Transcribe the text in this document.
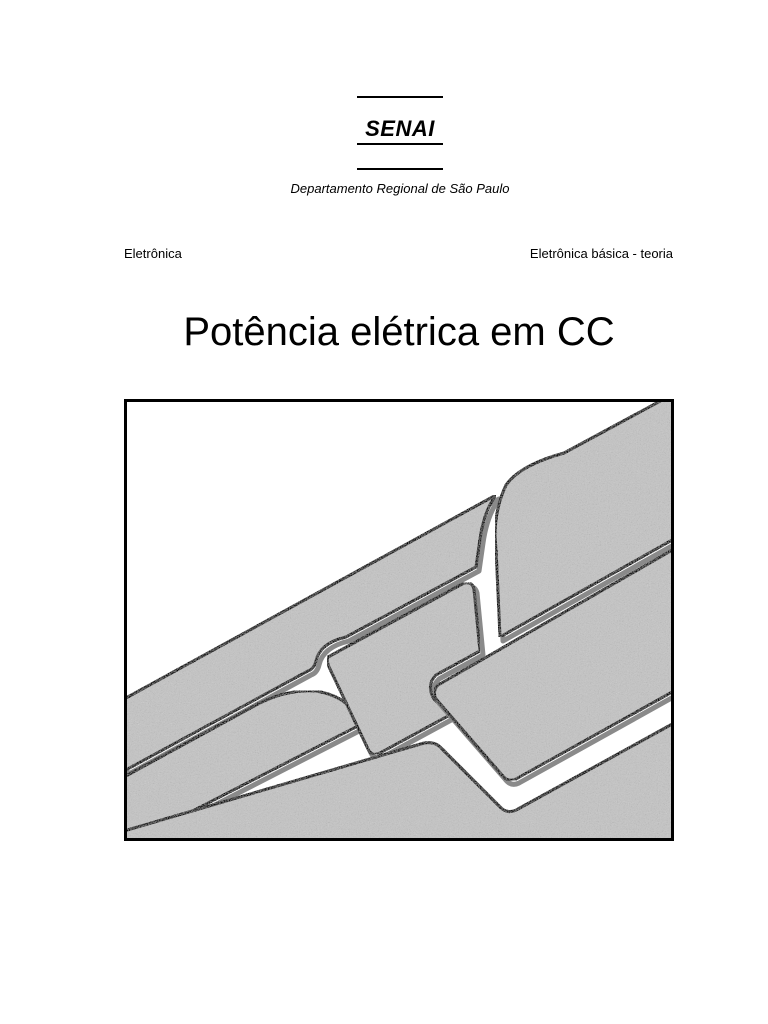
SENAI
Departamento Regional de São Paulo
Eletrônica	Eletrônica básica - teoria
Potência elétrica em CC
